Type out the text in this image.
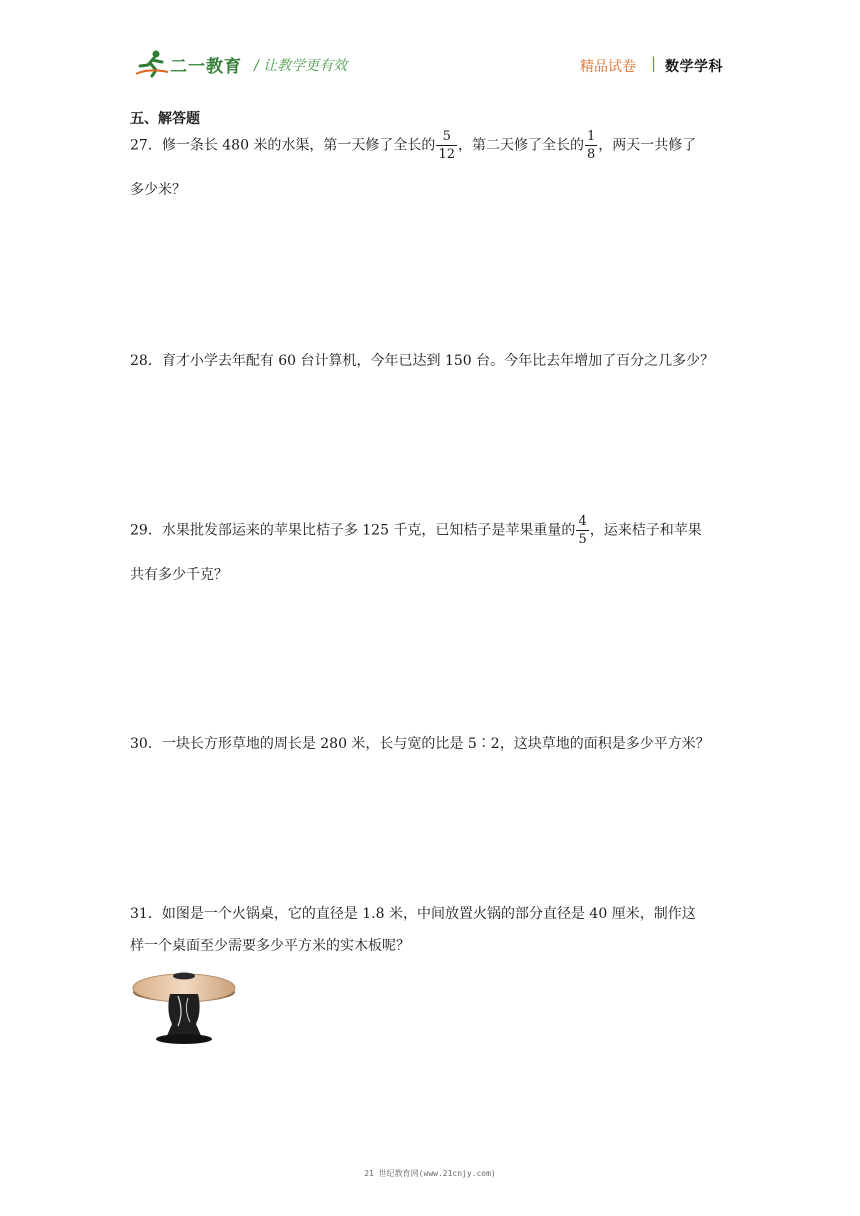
二一教育 / 让教学更有效	精品试卷 | 数学学科
五、解答题
27．修一条长 480 米的水渠，第一天修了全长的 $\frac{5}{12}$ ，第二天修了全长的 $\frac{1}{8}$ ，两天一共修了
多少米？
28．育才小学去年配有 60 台计算机，今年已达到 150 台。今年比去年增加了百分之几多少？
29．水果批发部运来的苹果比桔子多 125 千克，已知桔子是苹果重量的 $\frac{4}{5}$ ，运来桔子和苹果
共有多少千克？
30．一块长方形草地的周长是 280 米，长与宽的比是 5∶2，这块草地的面积是多少平方米？
31．如图是一个火锅桌，它的直径是 1.8 米，中间放置火锅的部分直径是 40 厘米，制作这
样一个桌面至少需要多少平方米的实木板呢？
21 世纪教育网(www.21cnjy.com)
